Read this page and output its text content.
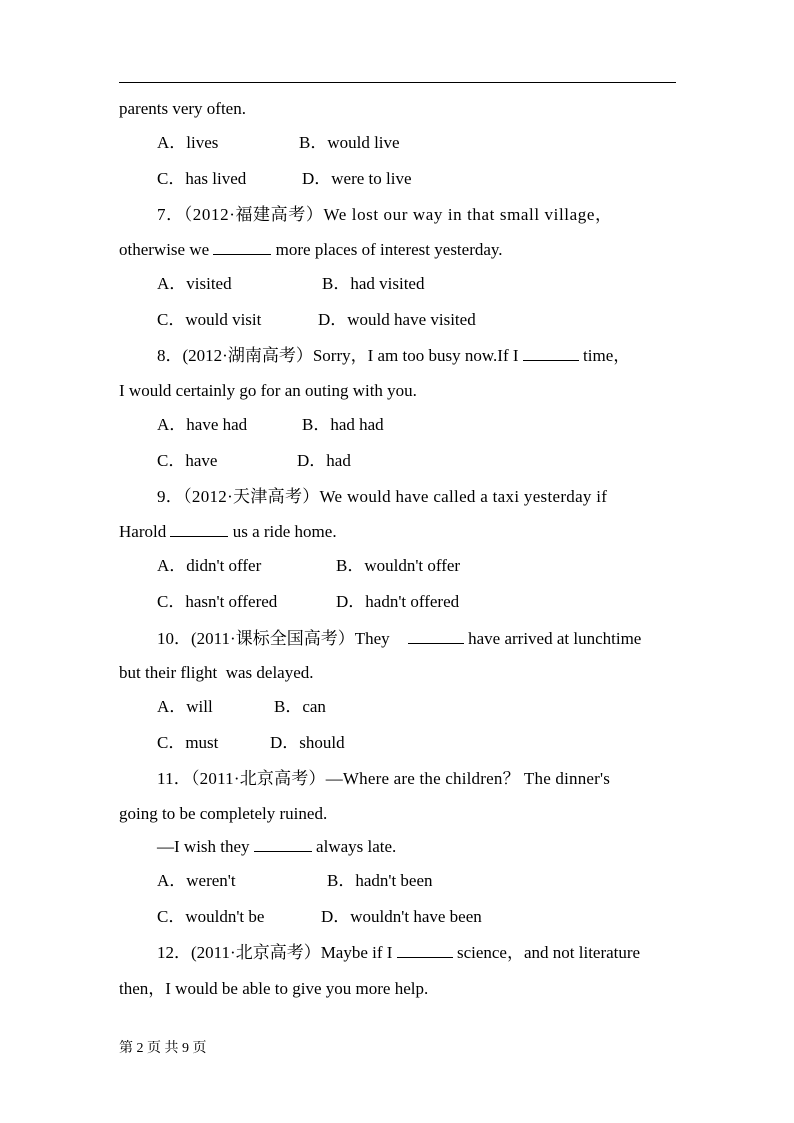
parents very often.
A．lives	B．would live
C．has lived	D．were to live
7．（2012·福建高考）We lost our way in that small village，
otherwise we	more places of interest yesterday.
A．visited	B．had visited
C．would visit	D．would have visited
8．(2012·湖南高考）Sorry，I am too busy now.If I	time，
I would certainly go for an outing with you.
A．have had	B．had had
C．have	D．had
9．（2012·天津高考）We would have called a taxi yesterday if
Harold	us a ride home.
A．didn't offer	B．wouldn't offer
C．hasn't offered	D．hadn't offered
10．(2011·课标全国高考）They	have arrived at lunchtime
but their flight  was delayed.
A．will	B．can
C．must	D．should
11．（2011·北京高考）—Where are the children？ The dinner's
going to be completely ruined.
—I wish they	always late.
A．weren't	B．hadn't been
C．wouldn't be	D．wouldn't have been
12．(2011·北京高考）Maybe if I	science，and not literature
then，I would be able to give you more help.
第 2 页 共 9 页
